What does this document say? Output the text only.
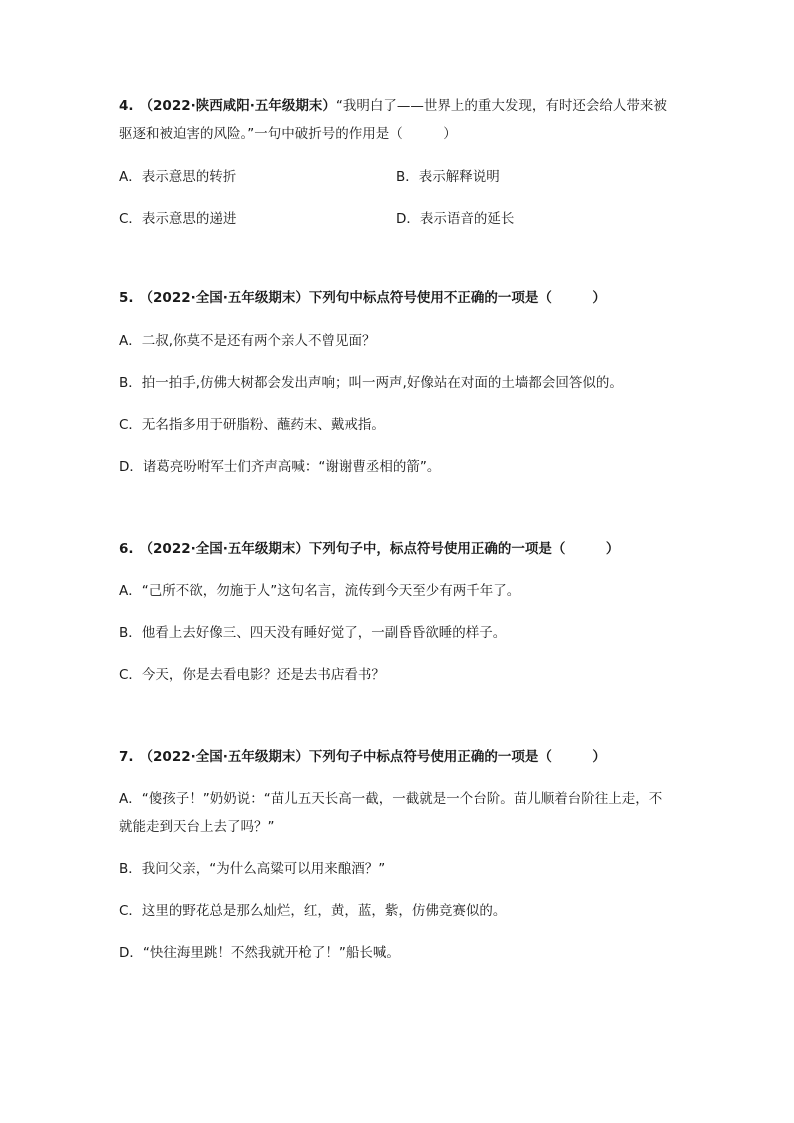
4. （2022·陕西咸阳·五年级期末）“我明白了——世界上的重大发现，有时还会给人带来被
驱逐和被迫害的风险。”一句中破折号的作用是（　　　）
A．表示意思的转折	B．表示解释说明
C．表示意思的递进	D．表示语音的延长
5. （2022·全国·五年级期末）下列句中标点符号使用不正确的一项是（　　　）
A．二叔,你莫不是还有两个亲人不曾见面？
B．拍一拍手,仿佛大树都会发出声响；叫一两声,好像站在对面的土墙都会回答似的。
C．无名指多用于研脂粉、蘸药末、戴戒指。
D．诸葛亮吩咐军士们齐声高喊：“谢谢曹丞相的箭”。
6. （2022·全国·五年级期末）下列句子中，标点符号使用正确的一项是（　　　）
A．“己所不欲，勿施于人”这句名言，流传到今天至少有两千年了。
B．他看上去好像三、四天没有睡好觉了，一副昏昏欲睡的样子。
C．今天，你是去看电影？还是去书店看书？
7. （2022·全国·五年级期末）下列句子中标点符号使用正确的一项是（　　　）
A．“傻孩子！”奶奶说：“苗儿五天长高一截，一截就是一个台阶。苗儿顺着台阶往上走，不
就能走到天台上去了吗？”
B．我问父亲，“为什么高粱可以用来酿酒？”
C．这里的野花总是那么灿烂，红，黄，蓝，紫，仿佛竞赛似的。
D．“快往海里跳！不然我就开枪了！”船长喊。
